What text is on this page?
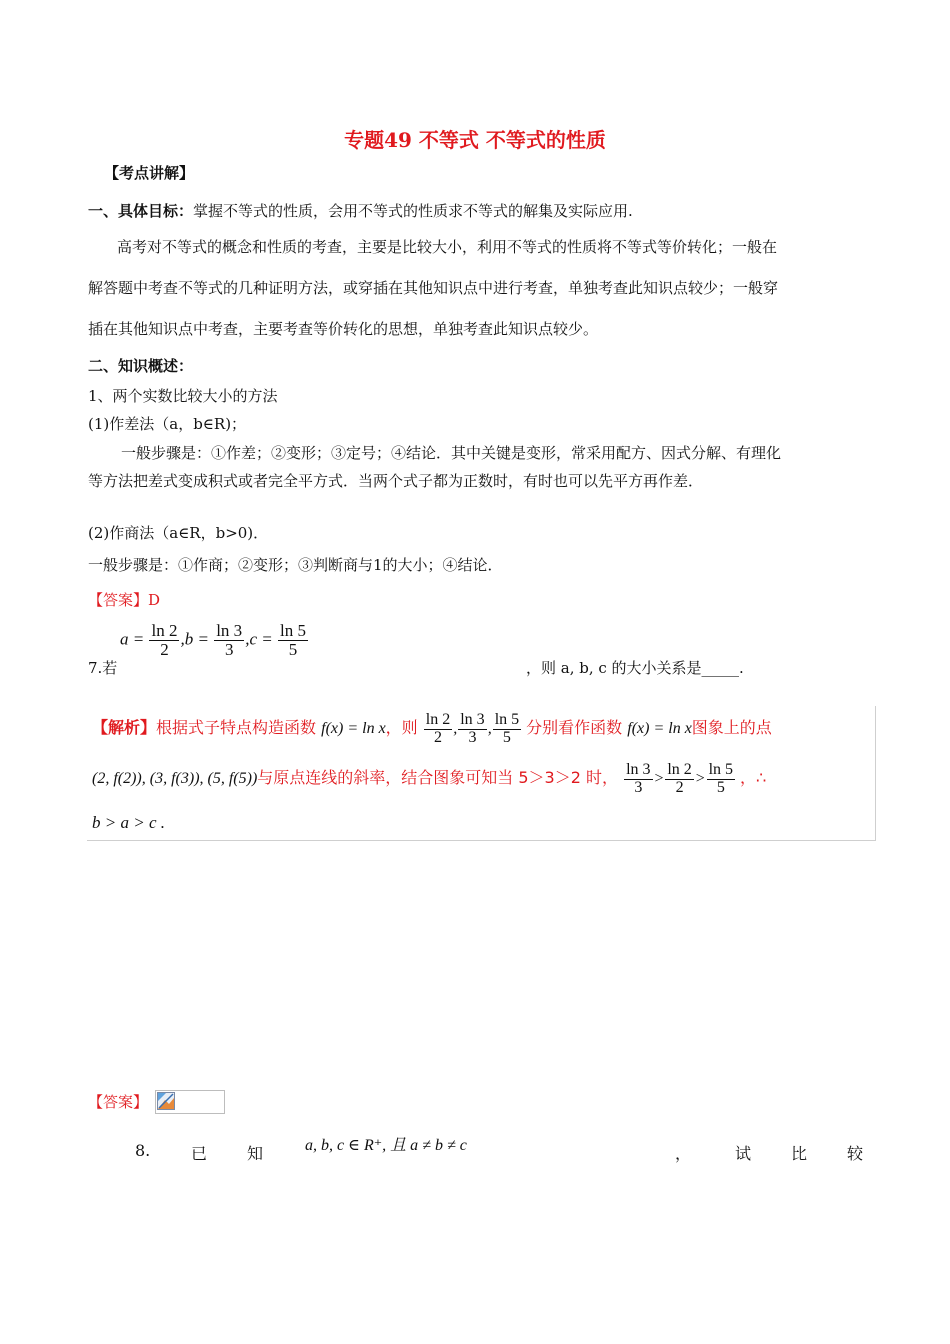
专题49 不等式 不等式的性质
【考点讲解】
一、具体目标：掌握不等式的性质，会用不等式的性质求不等式的解集及实际应用.
高考对不等式的概念和性质的考查，主要是比较大小，利用不等式的性质将不等式等价转化；一般在
解答题中考查不等式的几种证明方法，或穿插在其他知识点中进行考查，单独考查此知识点较少；一般穿
插在其他知识点中考查，主要考查等价转化的思想，单独考查此知识点较少。
二、知识概述：
1、两个实数比较大小的方法
(1)作差法（a，b∈R)；
一般步骤是：①作差；②变形；③定号；④结论．其中关键是变形，常采用配方、因式分解、有理化
等方法把差式变成积式或者完全平方式．当两个式子都为正数时，有时也可以先平方再作差．
(2)作商法（a∈R，b>0)．
一般步骤是：①作商；②变形；③判断商与1的大小；④结论．
【答案】D
7.若
$a = \frac{\ln 2}{2} ,b = \frac{\ln 3}{3} ,c = \frac{\ln 5}{5}$
，则 a, b, c 的大小关系是_____.
【解析】根据式子特点构造函数 f(x) = ln x，则 $\frac{\ln 2}{2}$ , $\frac{\ln 3}{3}$ , $\frac{\ln 5}{5}$ 分别看作函数 f(x) = ln x图象上的点
(2, f(2)), (3, f(3)), (5, f(5))与原点连线的斜率，结合图象可知当 5＞3＞2 时， $\frac{\ln 3}{3} > \frac{\ln 2}{2} > \frac{\ln 5}{5}$ ，∴
b > a > c .
【答案】
8.	已 知	a, b, c ∈ R⁺, 且 a ≠ b ≠ c	，	试 比 较
